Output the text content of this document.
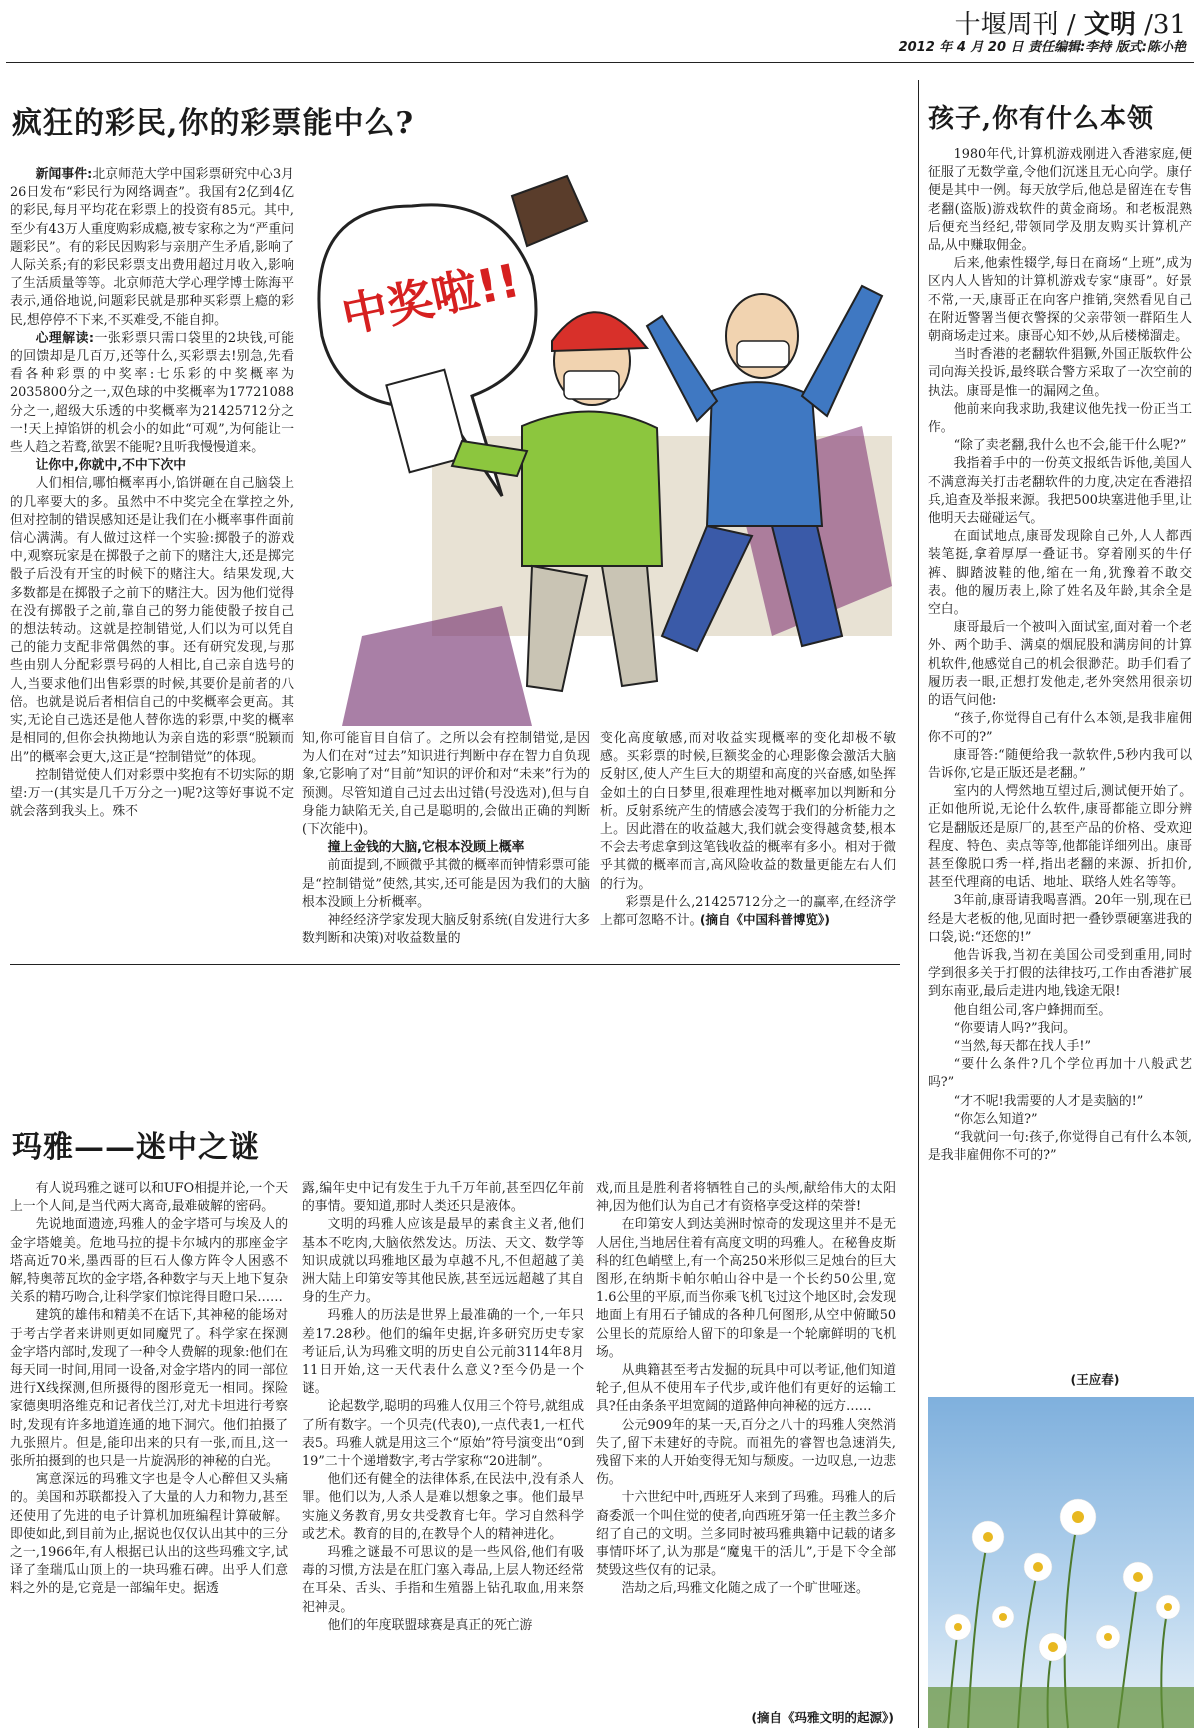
十堰周刊 / 文明 /31
2012 年 4 月 20 日 责任编辑:李持 版式:陈小艳
疯狂的彩民,你的彩票能中么?
中奖啦!!

新闻事件:北京师范大学中国彩票研究中心3月26日发布“彩民行为网络调查”。我国有2亿到4亿的彩民,每月平均花在彩票上的投资有85元。其中,至少有43万人重度购彩成瘾,被专家称之为“严重问题彩民”。有的彩民因购彩与亲朋产生矛盾,影响了人际关系;有的彩民彩票支出费用超过月收入,影响了生活质量等等。北京师范大学心理学博士陈海平表示,通俗地说,问题彩民就是那种买彩票上瘾的彩民,想停停不下来,不买难受,不能自抑。

心理解读:一张彩票只需口袋里的2块钱,可能的回馈却是几百万,还等什么,买彩票去!别急,先看看各种彩票的中奖率:七乐彩的中奖概率为2035800分之一,双色球的中奖概率为17721088分之一,超级大乐透的中奖概率为21425712分之一!天上掉馅饼的机会小的如此“可观”,为何能让一些人趋之若鹜,欲罢不能呢?且听我慢慢道来。

让你中,你就中,不中下次中

人们相信,哪怕概率再小,馅饼砸在自己脑袋上的几率要大的多。虽然中不中奖完全在掌控之外,但对控制的错误感知还是让我们在小概率事件面前信心满满。有人做过这样一个实验:掷骰子的游戏中,观察玩家是在掷骰子之前下的赌注大,还是掷完骰子后没有开宝的时候下的赌注大。结果发现,大多数都是在掷骰子之前下的赌注大。因为他们觉得在没有掷骰子之前,靠自己的努力能使骰子按自己的想法转动。这就是控制错觉,人们以为可以凭自己的能力支配非常偶然的事。还有研究发现,与那些由别人分配彩票号码的人相比,自己亲自选号的人,当要求他们出售彩票的时候,其要价是前者的八倍。也就是说后者相信自己的中奖概率会更高。其实,无论自己选还是他人替你选的彩票,中奖的概率是相同的,但你会执拗地认为亲自选的彩票“脱颖而出”的概率会更大,这正是“控制错觉”的体现。

控制错觉使人们对彩票中奖抱有不切实际的期望:万一(其实是几千万分之一)呢?这等好事说不定就会落到我头上。殊不

知,你可能盲目自信了。之所以会有控制错觉,是因为人们在对“过去”知识进行判断中存在智力自负现象,它影响了对“目前”知识的评价和对“未来”行为的预测。尽管知道自己过去出过错(号没选对),但与自身能力缺陷无关,自己是聪明的,会做出正确的判断(下次能中)。

撞上金钱的大脑,它根本没顾上概率

前面提到,不顾微乎其微的概率而钟情彩票可能是“控制错觉”使然,其实,还可能是因为我们的大脑根本没顾上分析概率。

神经经济学家发现大脑反射系统(自发进行大多数判断和决策)对收益数量的

变化高度敏感,而对收益实现概率的变化却极不敏感。买彩票的时候,巨额奖金的心理影像会激活大脑反射区,使人产生巨大的期望和高度的兴奋感,如坠挥金如土的白日梦里,很难理性地对概率加以判断和分析。反射系统产生的情感会凌驾于我们的分析能力之上。因此潜在的收益越大,我们就会变得越贪婪,根本不会去考虑拿到这笔钱收益的概率有多小。相对于微乎其微的概率而言,高风险收益的数量更能左右人们的行为。

彩票是什么,21425712分之一的赢率,在经济学上都可忽略不计。

(摘自《中国科普博览》)
玛雅——迷中之谜

有人说玛雅之谜可以和UFO相提并论,一个天上一个人间,是当代两大离奇,最难破解的密码。

先说地面遗迹,玛雅人的金字塔可与埃及人的金字塔媲美。危地马拉的提卡尔城内的那座金字塔高近70米,墨西哥的巨石人像方阵令人困惑不解,特奥蒂瓦坎的金字塔,各种数字与天上地下复杂关系的精巧吻合,让科学家们惊诧得目瞪口呆……

建筑的雄伟和精美不在话下,其神秘的能场对于考古学者来讲则更如同魔咒了。科学家在探测金字塔内部时,发现了一种令人费解的现象:他们在每天同一时间,用同一设备,对金字塔内的同一部位进行X线探测,但所摄得的图形竟无一相同。探险家德奥明洛维克和记者伐兰汀,对尤卡坦进行考察时,发现有许多地道连通的地下洞穴。他们拍摄了九张照片。但是,能印出来的只有一张,而且,这一张所拍摄到的也只是一片旋涡形的神秘的白光。

寓意深远的玛雅文字也是令人心醉但又头痛的。美国和苏联都投入了大量的人力和物力,甚至还使用了先进的电子计算机加班编程计算破解。即使如此,到目前为止,据说也仅仅认出其中的三分之一,1966年,有人根据已认出的这些玛雅文字,试译了奎瑞瓜山顶上的一块玛雅石碑。出乎人们意料之外的是,它竟是一部编年史。据透

露,编年史中记有发生于九千万年前,甚至四亿年前的事情。要知道,那时人类还只是液体。

文明的玛雅人应该是最早的素食主义者,他们基本不吃肉,大脑依然发达。历法、天文、数学等知识成就以玛雅地区最为卓越不凡,不但超越了美洲大陆上印第安等其他民族,甚至远远超越了其自身的生产力。

玛雅人的历法是世界上最准确的一个,一年只差17.28秒。他们的编年史据,许多研究历史专家考证后,认为玛雅文明的历史自公元前3114年8月11日开始,这一天代表什么意义?至今仍是一个谜。

论起数学,聪明的玛雅人仅用三个符号,就组成了所有数字。一个贝壳(代表0),一点代表1,一杠代表5。玛雅人就是用这三个“原始”符号演变出“0到19”二十个递增数字,考古学家称“20进制”。

他们还有健全的法律体系,在民法中,没有杀人罪。他们以为,人杀人是难以想象之事。他们最早实施义务教育,男女共受教育七年。学习自然科学或艺术。教育的目的,在教导个人的精神进化。

玛雅之谜最不可思议的是一些风俗,他们有吸毒的习惯,方法是在肛门塞入毒品,上层人物还经常在耳朵、舌头、手指和生殖器上钻孔取血,用来祭祀神灵。

他们的年度联盟球赛是真正的死亡游

戏,而且是胜利者将牺牲自己的头颅,献给伟大的太阳神,因为他们认为自己才有资格享受这样的荣誉!

在印第安人到达美洲时惊奇的发现这里并不是无人居住,当地居住着有高度文明的玛雅人。在秘鲁皮斯科的红色峭壁上,有一个高250米形似三足烛台的巨大图形,在纳斯卡帕尔帕山谷中是一个长约50公里,宽1.6公里的平原,而当你乘飞机飞过这个地区时,会发现地面上有用石子铺成的各种几何图形,从空中俯瞰50公里长的荒原给人留下的印象是一个轮廓鲜明的飞机场。

从典籍甚至考古发掘的玩具中可以考证,他们知道轮子,但从不使用车子代步,或许他们有更好的运输工具?任由条条平坦宽阔的道路伸向神秘的远方……

公元909年的某一天,百分之八十的玛雅人突然消失了,留下未建好的寺院。而祖先的睿智也急速消失,残留下来的人开始变得无知与颓废。一边叹息,一边悲伤。

十六世纪中叶,西班牙人来到了玛雅。玛雅人的后裔委派一个叫住觉的使者,向西班牙第一任主教兰多介绍了自己的文明。兰多同时被玛雅典籍中记载的诸多事情吓坏了,认为那是“魔鬼干的活儿”,于是下令全部焚毁这些仅有的记录。

浩劫之后,玛雅文化随之成了一个旷世哑迷。

(摘自《玛雅文明的起源》)
孩子,你有什么本领

1980年代,计算机游戏刚进入香港家庭,便征服了无数学童,令他们沉迷且无心向学。康仔便是其中一例。每天放学后,他总是留连在专售老翻(盗版)游戏软件的黄金商场。和老板混熟后便充当经纪,带领同学及朋友购买计算机产品,从中赚取佣金。

后来,他索性辍学,每日在商场“上班”,成为区内人人皆知的计算机游戏专家“康哥”。好景不常,一天,康哥正在向客户推销,突然看见自己在附近警署当便衣警探的父亲带领一群陌生人朝商场走过来。康哥心知不妙,从后楼梯溜走。

当时香港的老翻软件猖獗,外国正版软件公司向海关投诉,最终联合警方采取了一次空前的执法。康哥是惟一的漏网之鱼。

他前来向我求助,我建议他先找一份正当工作。

“除了卖老翻,我什么也不会,能干什么呢?”

我指着手中的一份英文报纸告诉他,美国人不满意海关打击老翻软件的力度,决定在香港招兵,追查及举报来源。我把500块塞进他手里,让他明天去碰碰运气。

在面试地点,康哥发现除自己外,人人都西装笔挺,拿着厚厚一叠证书。穿着刚买的牛仔裤、脚踏波鞋的他,缩在一角,犹豫着不敢交表。他的履历表上,除了姓名及年龄,其余全是空白。

康哥最后一个被叫入面试室,面对着一个老外、两个助手、满桌的烟屁股和满房间的计算机软件,他感觉自己的机会很渺茫。助手们看了履历表一眼,正想打发他走,老外突然用很亲切的语气问他:

“孩子,你觉得自己有什么本领,是我非雇佣你不可的?”

康哥答:“随便给我一款软件,5秒内我可以告诉你,它是正版还是老翻。”

室内的人愕然地互望过后,测试便开始了。正如他所说,无论什么软件,康哥都能立即分辨它是翻版还是原厂的,甚至产品的价格、受欢迎程度、特色、卖点等等,他都能详细列出。康哥甚至像脱口秀一样,指出老翻的来源、折扣价,甚至代理商的电话、地址、联络人姓名等等。

3年前,康哥请我喝喜酒。20年一别,现在已经是大老板的他,见面时把一叠钞票硬塞进我的口袋,说:“还您的!”

他告诉我,当初在美国公司受到重用,同时学到很多关于打假的法律技巧,工作由香港扩展到东南亚,最后走进内地,钱途无限!

他自组公司,客户蜂拥而至。

“你要请人吗?”我问。

“当然,每天都在找人手!”

“要什么条件?几个学位再加十八般武艺吗?”

“才不呢!我需要的人才是卖脑的!”

“你怎么知道?”

“我就问一句:孩子,你觉得自己有什么本领,是我非雇佣你不可的?”

(王应春)
